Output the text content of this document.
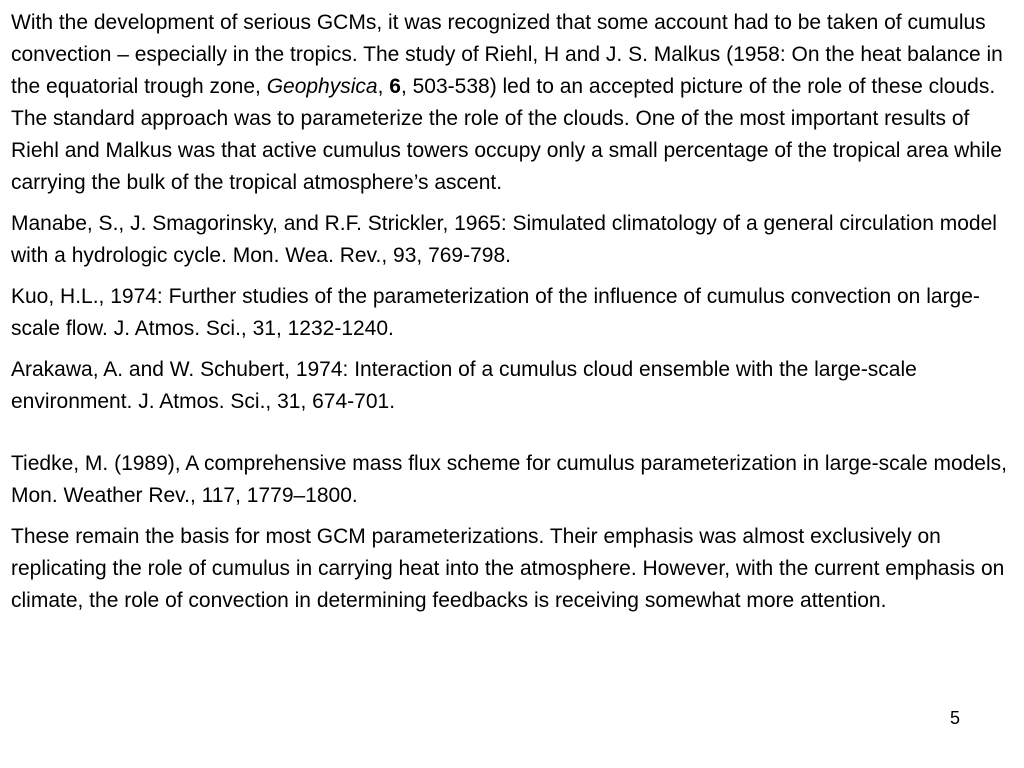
With the development of serious GCMs, it was recognized that some account had to be taken of cumulus convection – especially in the tropics. The study of Riehl, H and J. S. Malkus (1958: On the heat balance in the equatorial trough zone, Geophysica, 6, 503-538) led to an accepted picture of the role of these clouds. The standard approach was to parameterize the role of the clouds. One of the most important results of Riehl and Malkus was that active cumulus towers occupy only a small percentage of the tropical area while carrying the bulk of the tropical atmosphere’s ascent.

Manabe, S., J. Smagorinsky, and R.F. Strickler, 1965: Simulated climatology of a general circulation model with a hydrologic cycle. Mon. Wea. Rev., 93, 769-798.

Kuo, H.L., 1974: Further studies of the parameterization of the influence of cumulus convection on large-scale flow. J. Atmos. Sci., 31, 1232-1240.

Arakawa, A. and W. Schubert, 1974: Interaction of a cumulus cloud ensemble with the large-scale environment. J. Atmos. Sci., 31, 674-701.

Tiedke, M. (1989), A comprehensive mass flux scheme for cumulus parameterization in large-scale models, Mon. Weather Rev., 117, 1779–1800.

These remain the basis for most GCM parameterizations. Their emphasis was almost exclusively on replicating the role of cumulus in carrying heat into the atmosphere. However, with the current emphasis on climate, the role of convection in determining feedbacks is receiving somewhat more attention.

5
